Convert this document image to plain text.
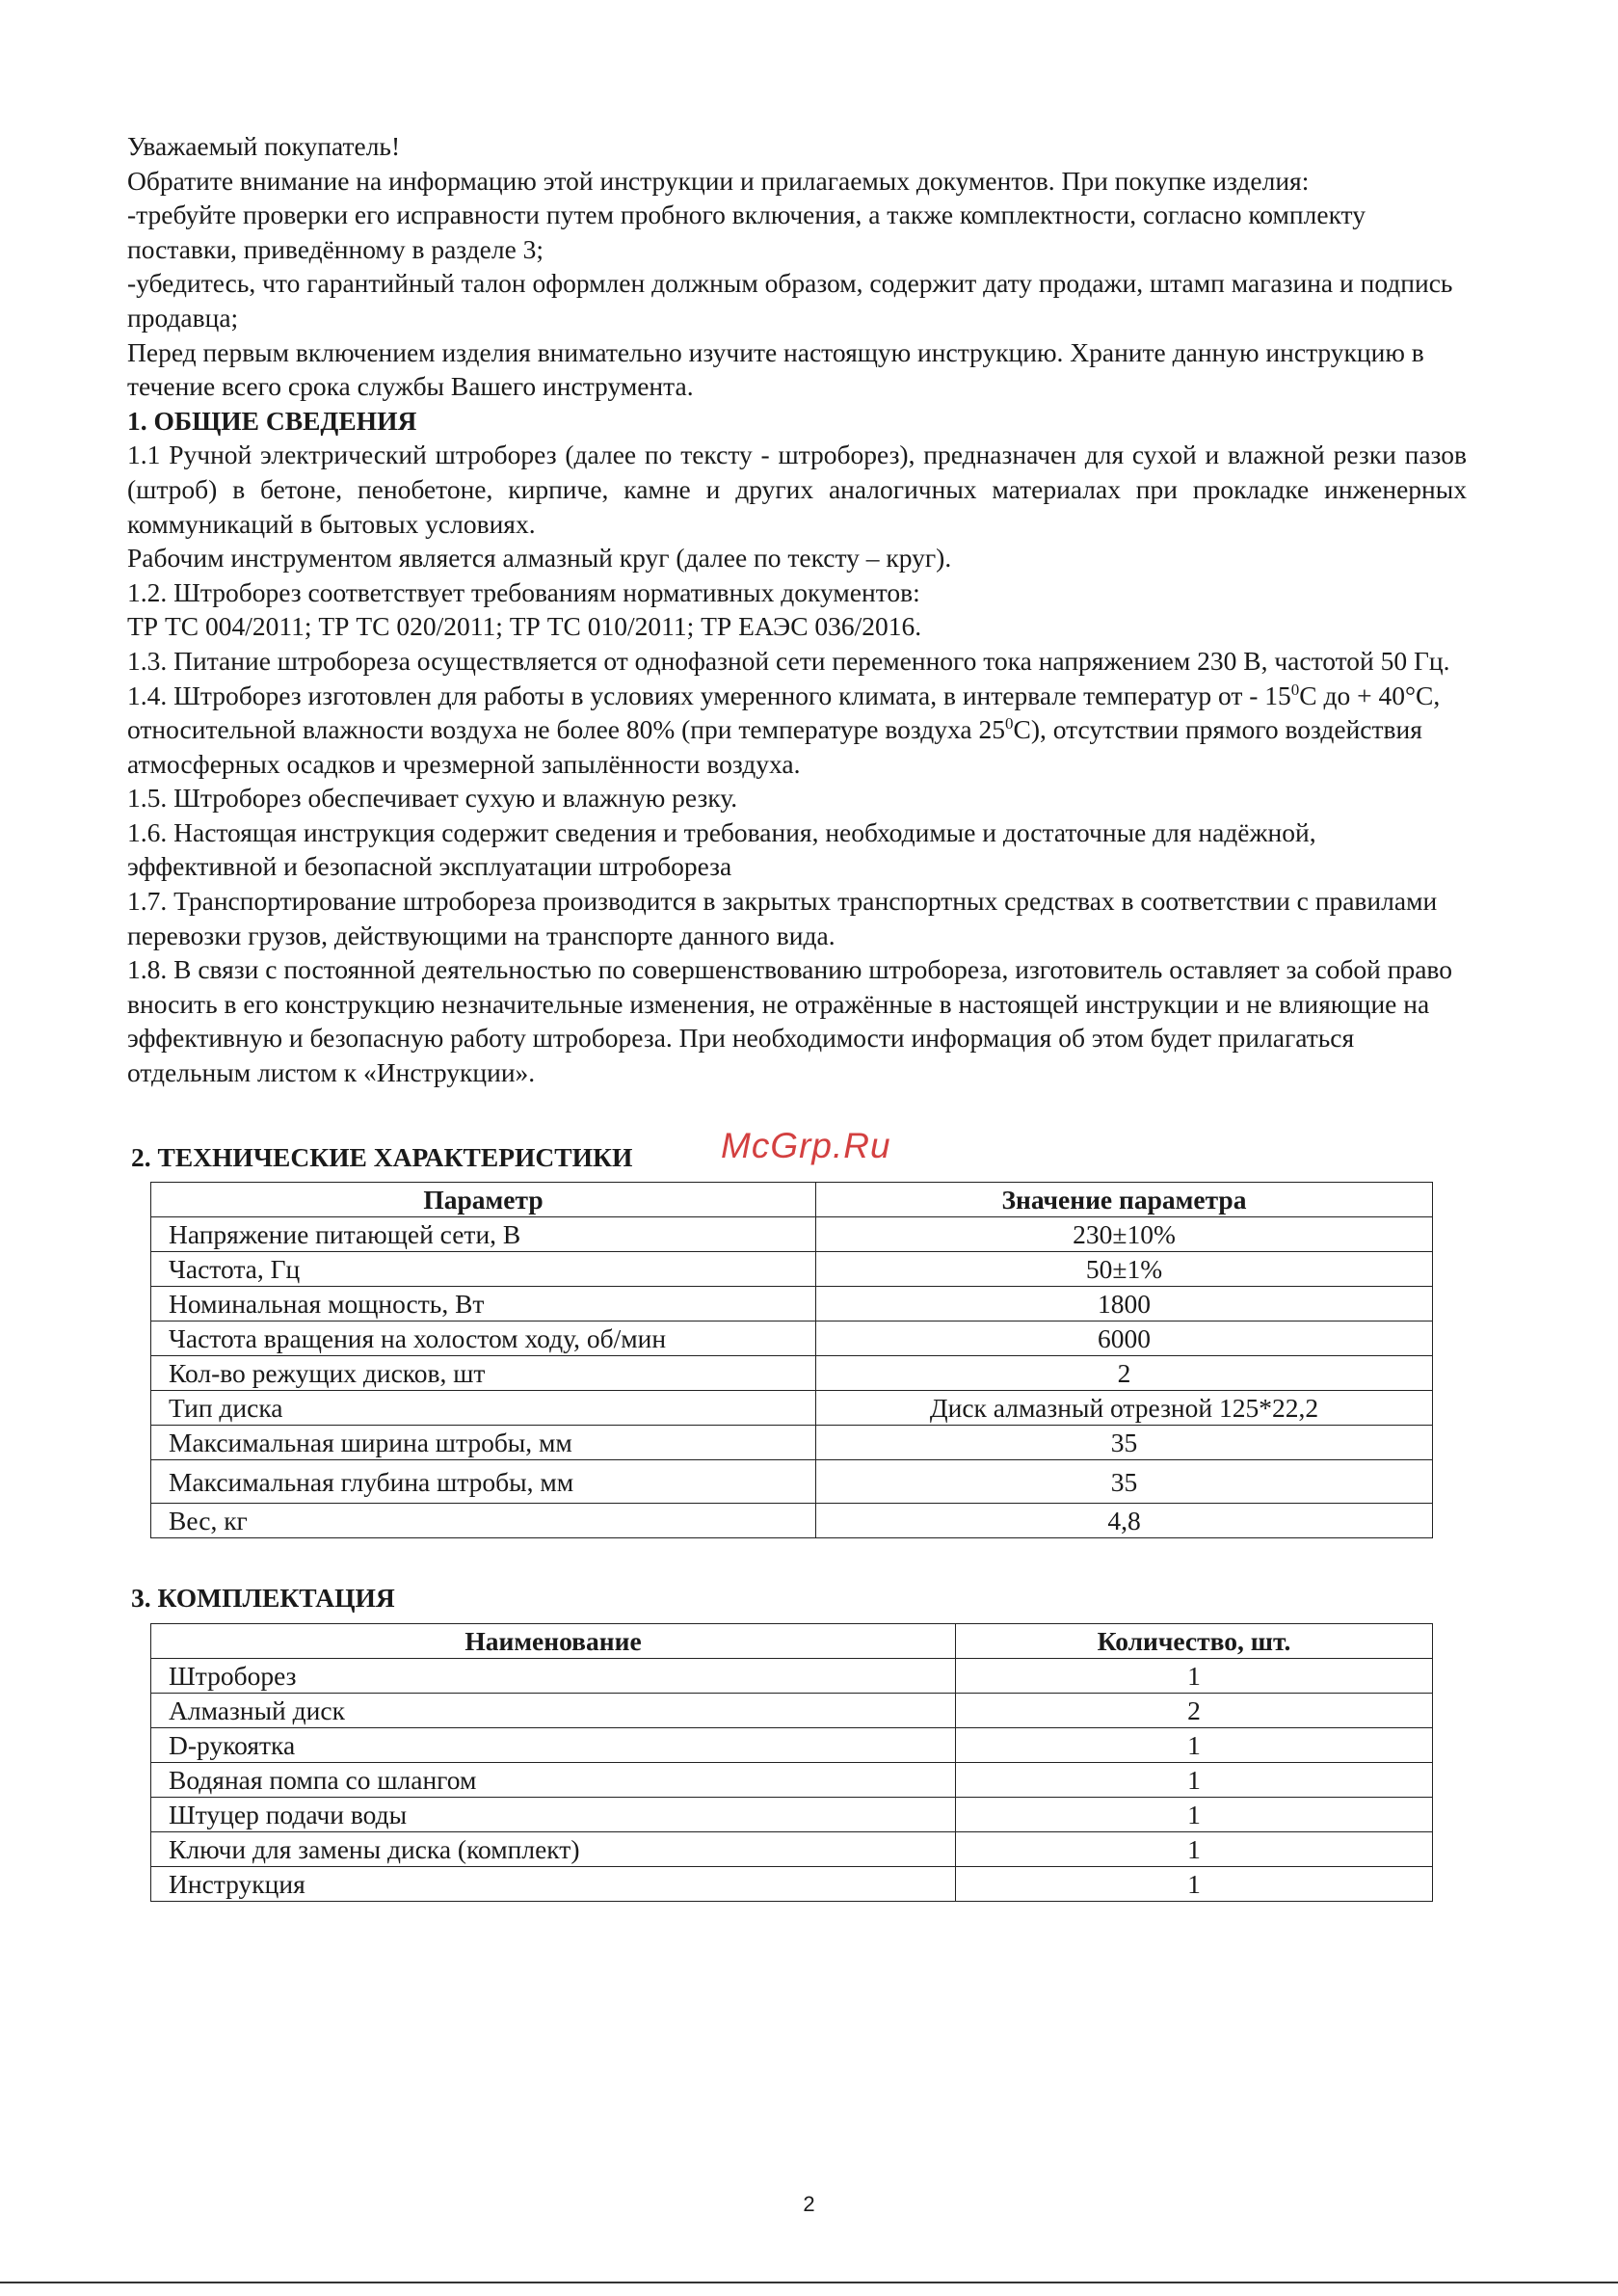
Уважаемый покупатель!

Обратите внимание на информацию этой инструкции и прилагаемых документов. При покупке изделия:

-требуйте проверки его исправности путем пробного включения, а также комплектности, согласно комплекту поставки, приведённому в разделе 3;

-убедитесь, что гарантийный талон оформлен должным образом, содержит дату продажи, штамп магазина и подпись продавца;

Перед первым включением изделия внимательно изучите настоящую инструкцию. Храните данную инструкцию в течение всего срока службы Вашего инструмента.

1. ОБЩИЕ СВЕДЕНИЯ

1.1 Ручной электрический штроборез (далее по тексту - штроборез), предназначен для сухой и влажной резки пазов (штроб) в бетоне, пенобетоне, кирпиче, камне и других аналогичных материалах при прокладке инженерных коммуникаций в бытовых условиях.

Рабочим инструментом является алмазный круг (далее по тексту – круг).

1.2. Штроборез соответствует требованиям нормативных документов:

ТР ТС 004/2011; ТР ТС 020/2011; ТР ТС 010/2011; ТР ЕАЭС 036/2016.

1.3. Питание штробореза осуществляется от однофазной сети переменного тока напряжением 230 В, частотой 50 Гц.

1.4. Штроборез изготовлен для работы в условиях умеренного климата, в интервале температур от - $15^0С$ до + 40°С, относительной влажности воздуха не более 80% (при температуре воздуха $25^0С$), отсутствии прямого воздействия атмосферных осадков и чрезмерной запылённости воздуха.

1.5. Штроборез обеспечивает сухую и влажную резку.

1.6. Настоящая инструкция содержит сведения и требования, необходимые и достаточные для надёжной, эффективной и безопасной эксплуатации штробореза

1.7. Транспортирование штробореза производится в закрытых транспортных средствах в соответствии с правилами перевозки грузов, действующими на транспорте данного вида.

1.8. В связи с постоянной деятельностью по совершенствованию штробореза, изготовитель оставляет за собой право вносить в его конструкцию незначительные изменения, не отражённые в настоящей инструкции и не влияющие на эффективную и безопасную работу штробореза. При необходимости информация об этом будет прилагаться отдельным листом к «Инструкции».

2. ТЕХНИЧЕСКИЕ ХАРАКТЕРИСТИКИ

Параметр	Значение параметра
Напряжение питающей сети, В	230±10%
Частота, Гц	50±1%
Номинальная мощность, Вт	1800
Частота вращения на холостом ходу, об/мин	6000
Кол-во режущих дисков, шт	2
Тип диска	Диск алмазный отрезной 125*22,2
Максимальная ширина штробы, мм	35
Максимальная глубина штробы, мм	35
Вес, кг	4,8

3. КОМПЛЕКТАЦИЯ

Наименование	Количество, шт.
Штроборез	1
Алмазный диск	2
D-рукоятка	1
Водяная помпа со шлангом	1
Штуцер подачи воды	1
Ключи для замены диска (комплект)	1
Инструкция	1
McGrp.Ru
2
